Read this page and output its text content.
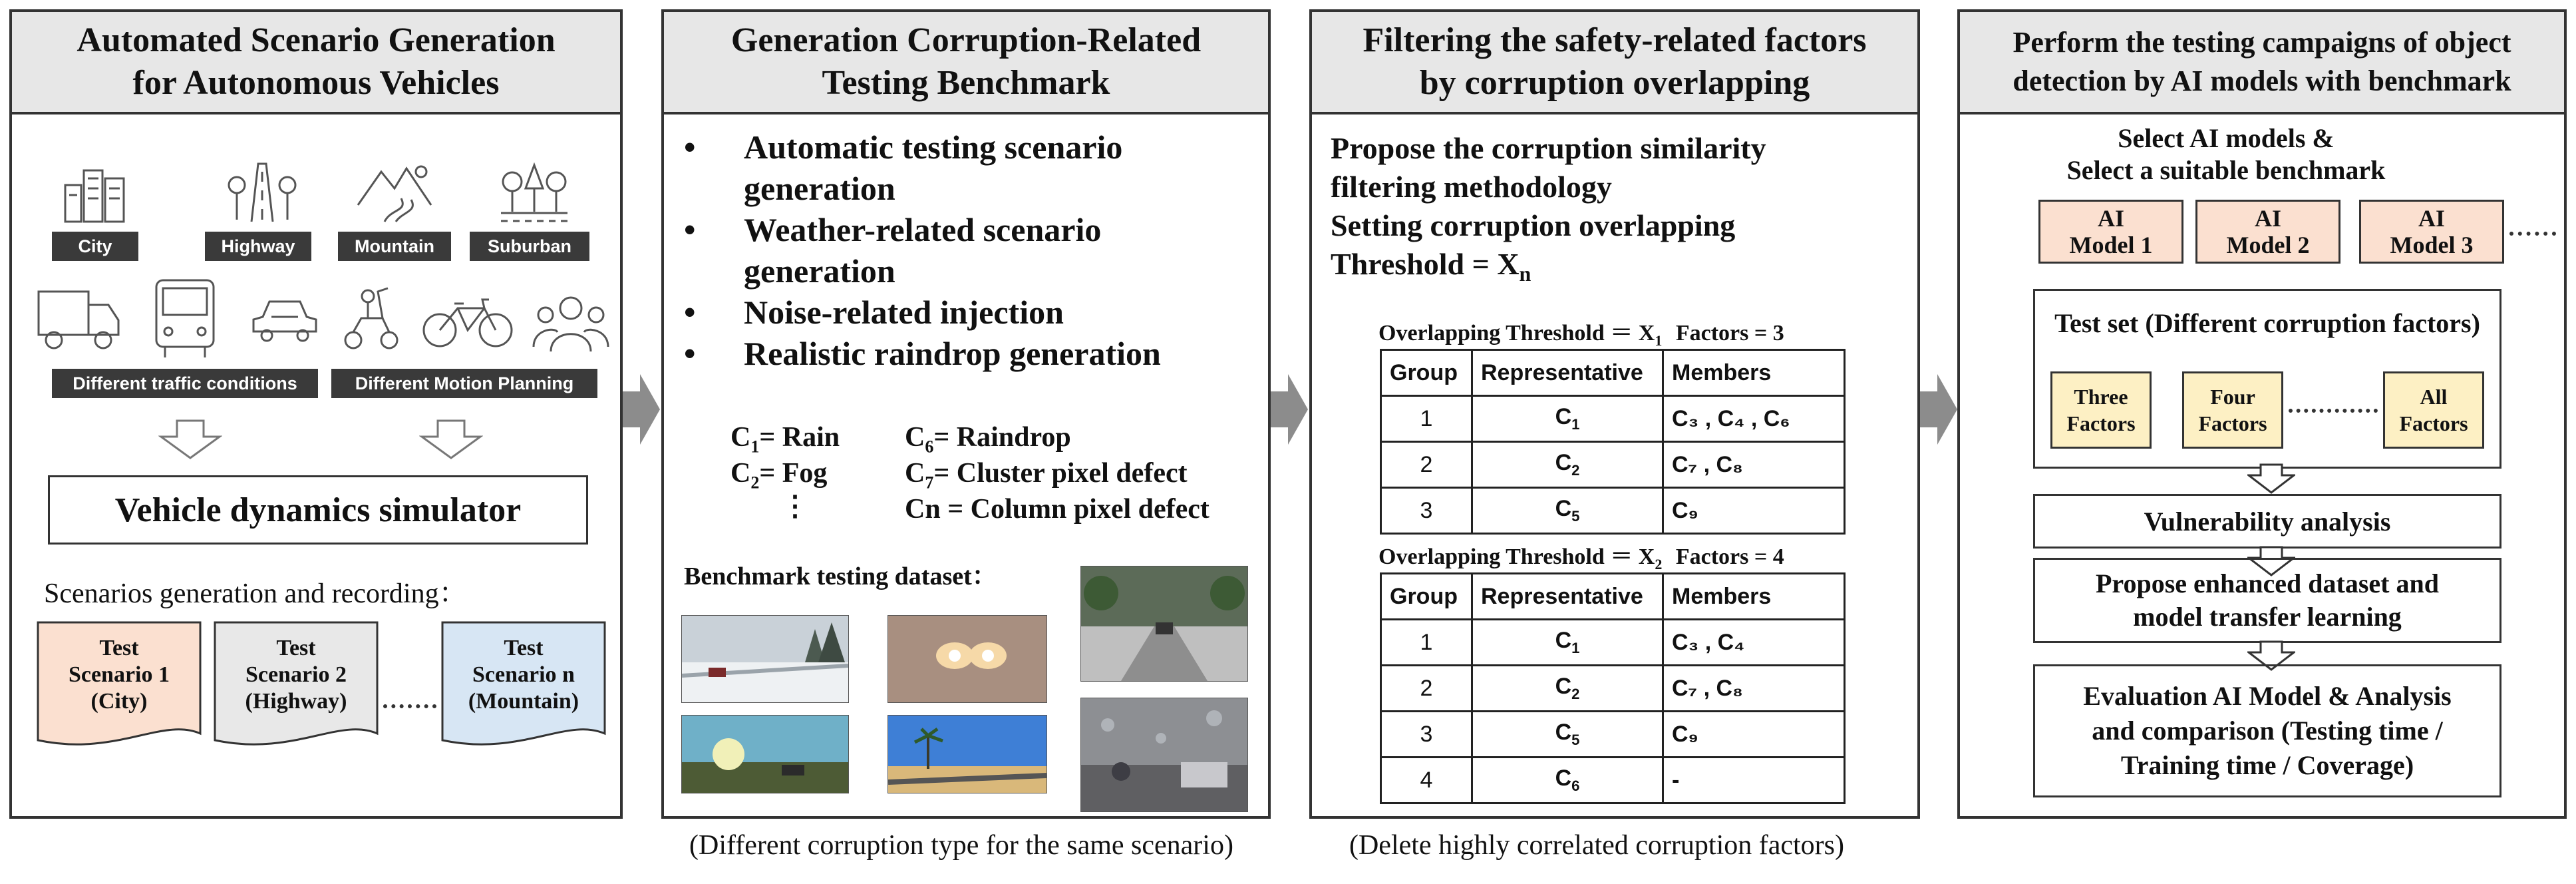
Automated Scenario Generation
for Autonomous Vehicles
City	Highway	Mountain	Suburban
Different traffic conditions	Different Motion Planning
Vehicle dynamics simulator
Scenarios generation and recording：
Test
Scenario 1
(City)
Test
Scenario 2
(Highway)
Test
Scenario n
(Mountain)
Generation Corruption-Related
Testing Benchmark
•	Automatic testing scenario
generation
•	Weather-related scenario
generation
•	Noise-related injection
•	Realistic raindrop generation
$C_1=$ Rain $C_6=$ Raindrop
$C_2=$ Fog	$C_7=$ Cluster pixel defect
⋮	Cn = Column pixel defect
Benchmark testing dataset：
Filtering the safety-related factors
by corruption overlapping
Propose the corruption similarity
filtering methodology
Setting corruption overlapping
Threshold = $X_n$
Overlapping Threshold ＝ $X_1$ Factors = 3
Group	Representative	Members
1	$C_1$	C₃ , C₄ , C₆
2	$C_2$	C₇ , C₈
3	$C_5$	C₉
Overlapping Threshold ＝ $X_2$ Factors = 4
Group	Representative	Members
1	$C_1$	C₃ , C₄
2	$C_2$	C₇ , C₈
3	$C_5$	C₉
4	$C_6$	-
Perform the testing campaigns of object
detection by AI models with benchmark
Select AI models &
Select a suitable benchmark
AI
Model 1
AI
Model 2
AI
Model 3
Test set (Different corruption factors)
Three
Factors
Four
Factors
All
Factors
Vulnerability analysis
Propose enhanced dataset and
model transfer learning
Evaluation AI Model & Analysis
and comparison (Testing time /
Training time / Coverage)
(Different corruption type for the same scenario)	(Delete highly correlated corruption factors)
